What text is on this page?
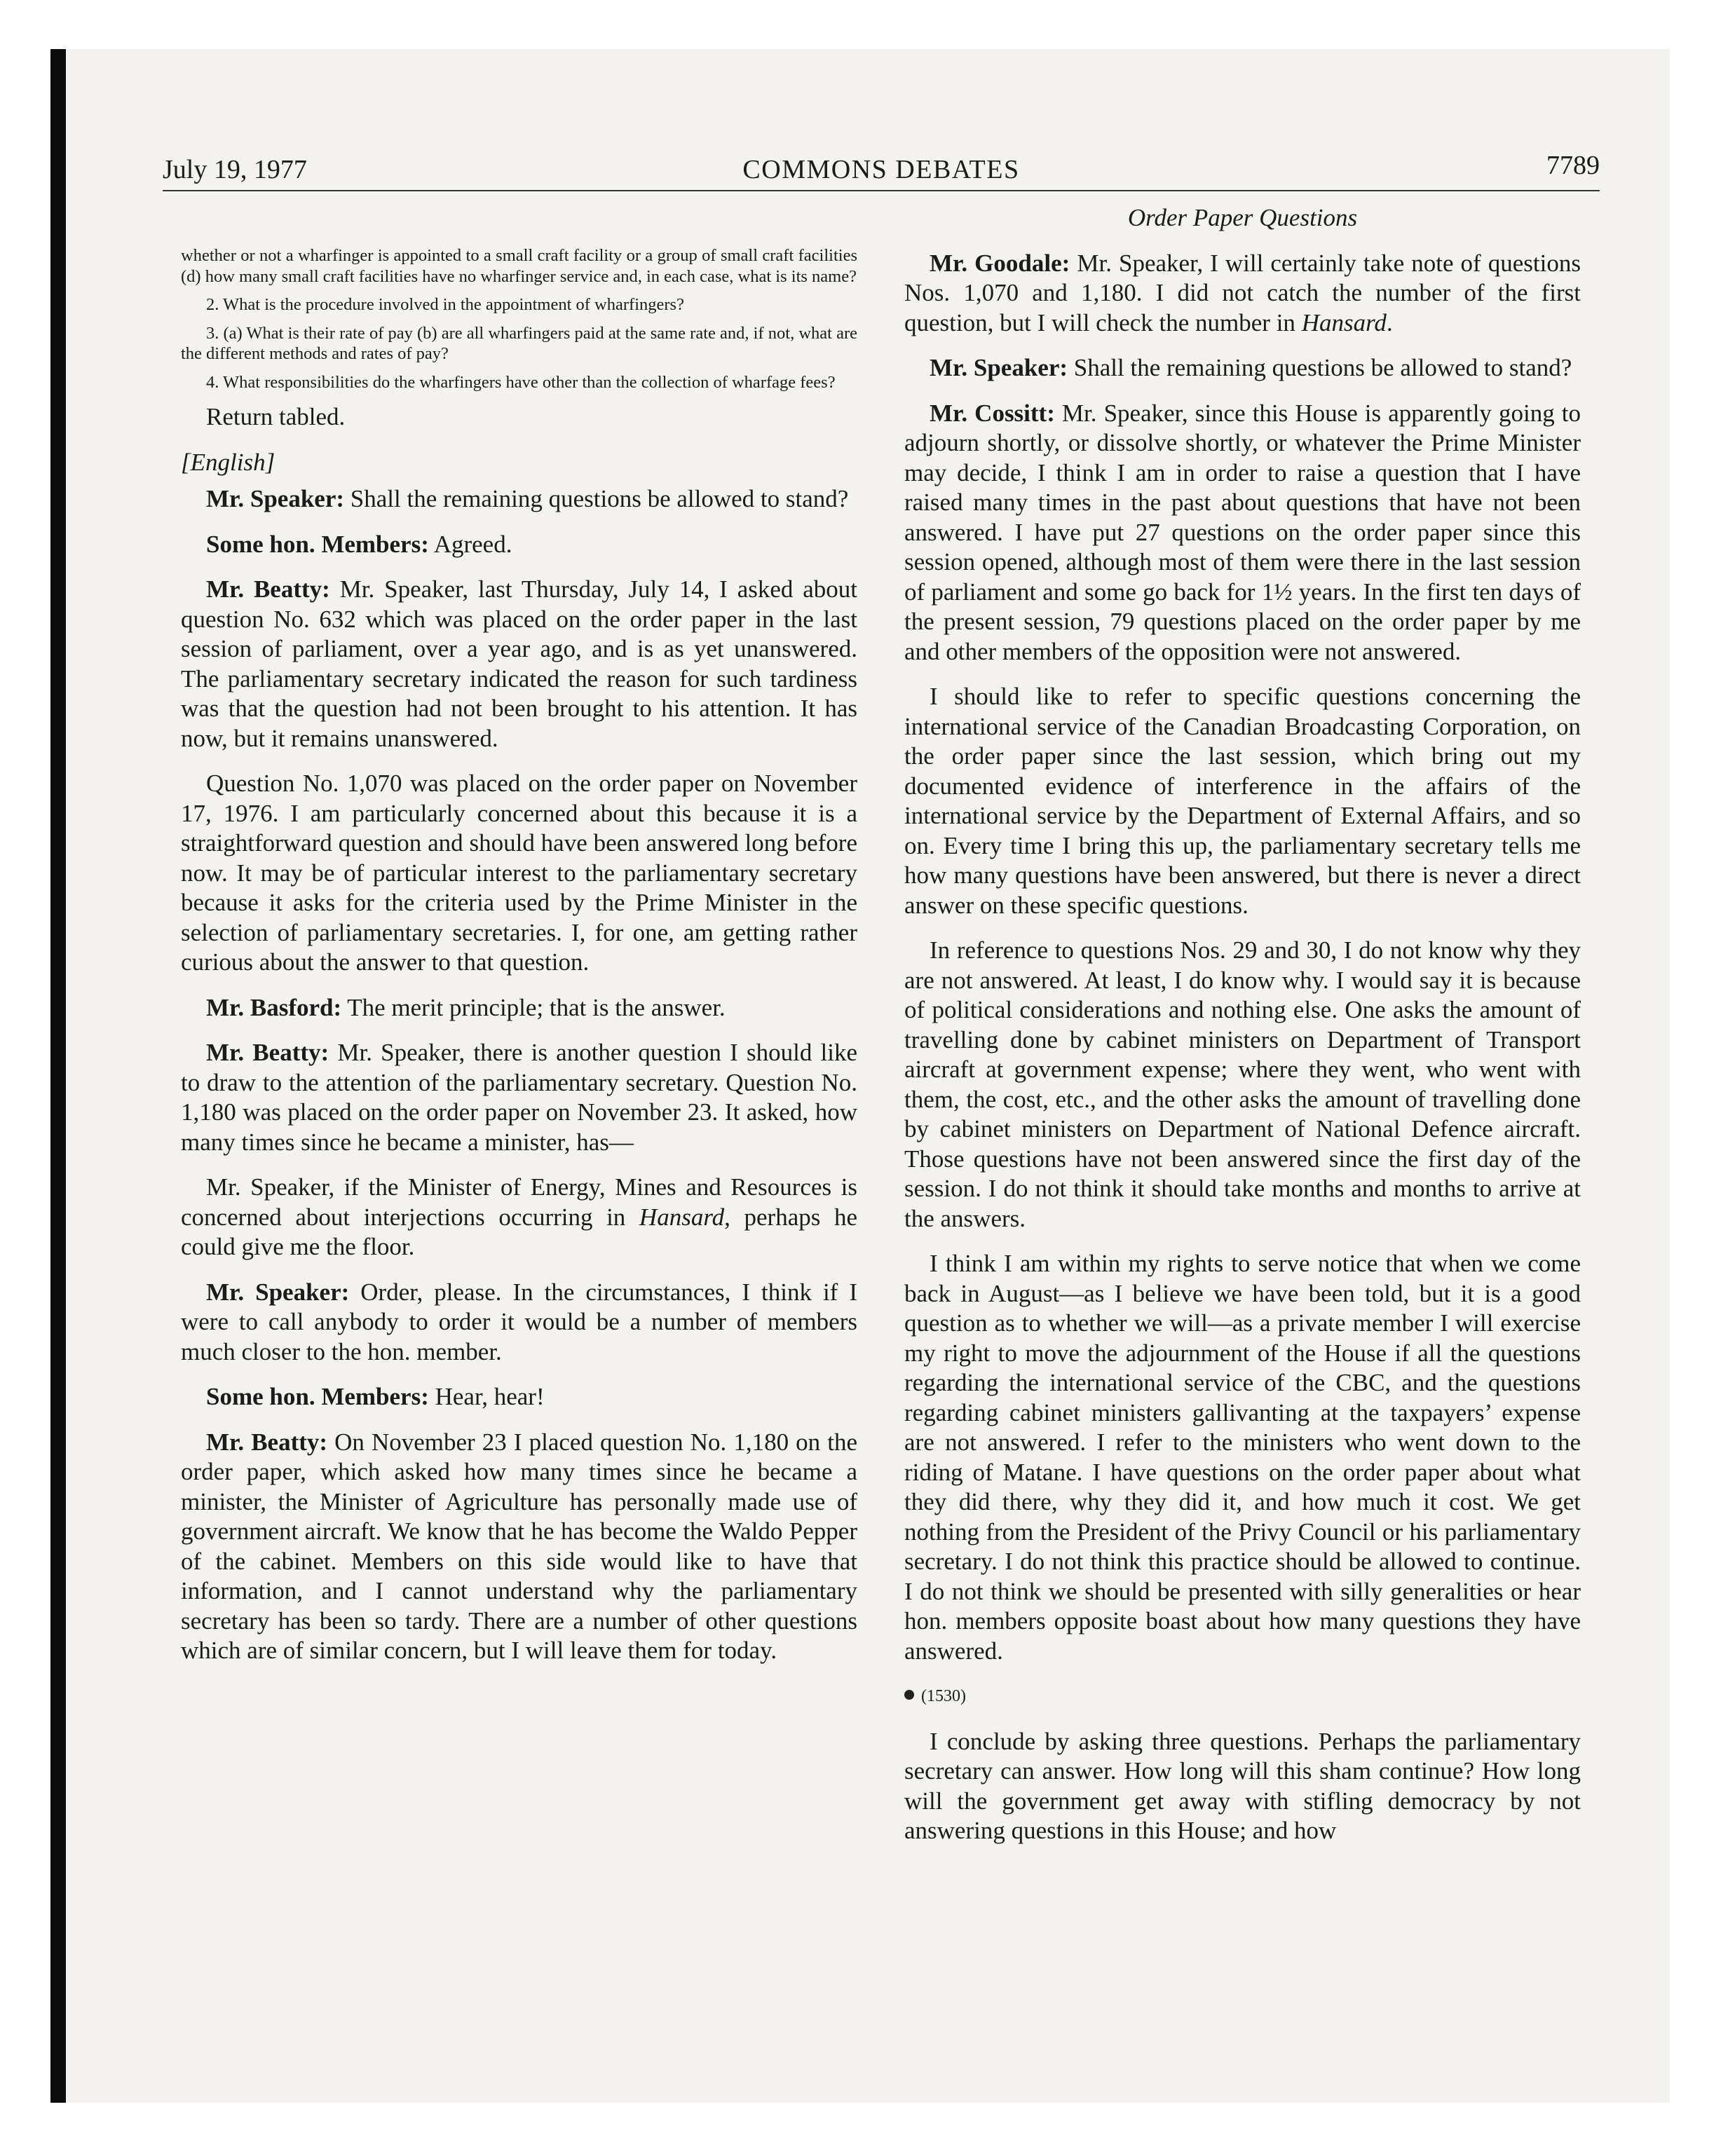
July 19, 1977	COMMONS DEBATES	7789

whether or not a wharfinger is appointed to a small craft facility or a group of small craft facilities (d) how many small craft facilities have no wharfinger service and, in each case, what is its name?

2. What is the procedure involved in the appointment of wharfingers?

3. (a) What is their rate of pay (b) are all wharfingers paid at the same rate and, if not, what are the different methods and rates of pay?

4. What responsibilities do the wharfingers have other than the collection of wharfage fees?

Return tabled.

[English]

Mr. Speaker: Shall the remaining questions be allowed to stand?

Some hon. Members: Agreed.

Mr. Beatty: Mr. Speaker, last Thursday, July 14, I asked about question No. 632 which was placed on the order paper in the last session of parliament, over a year ago, and is as yet unanswered. The parliamentary secretary indicated the reason for such tardiness was that the question had not been brought to his attention. It has now, but it remains unanswered.

Question No. 1,070 was placed on the order paper on November 17, 1976. I am particularly concerned about this because it is a straightforward question and should have been answered long before now. It may be of particular interest to the parliamentary secretary because it asks for the criteria used by the Prime Minister in the selection of parliamentary secretaries. I, for one, am getting rather curious about the answer to that question.

Mr. Basford: The merit principle; that is the answer.

Mr. Beatty: Mr. Speaker, there is another question I should like to draw to the attention of the parliamentary secretary. Question No. 1,180 was placed on the order paper on November 23. It asked, how many times since he became a minister, has—

Mr. Speaker, if the Minister of Energy, Mines and Resources is concerned about interjections occurring in Hansard, perhaps he could give me the floor.

Mr. Speaker: Order, please. In the circumstances, I think if I were to call anybody to order it would be a number of members much closer to the hon. member.

Some hon. Members: Hear, hear!

Mr. Beatty: On November 23 I placed question No. 1,180 on the order paper, which asked how many times since he became a minister, the Minister of Agriculture has personally made use of government aircraft. We know that he has become the Waldo Pepper of the cabinet. Members on this side would like to have that information, and I cannot understand why the parliamentary secretary has been so tardy. There are a number of other questions which are of similar concern, but I will leave them for today.

Order Paper Questions

Mr. Goodale: Mr. Speaker, I will certainly take note of questions Nos. 1,070 and 1,180. I did not catch the number of the first question, but I will check the number in Hansard.

Mr. Speaker: Shall the remaining questions be allowed to stand?

Mr. Cossitt: Mr. Speaker, since this House is apparently going to adjourn shortly, or dissolve shortly, or whatever the Prime Minister may decide, I think I am in order to raise a question that I have raised many times in the past about questions that have not been answered. I have put 27 questions on the order paper since this session opened, although most of them were there in the last session of parliament and some go back for 1½ years. In the first ten days of the present session, 79 questions placed on the order paper by me and other members of the opposition were not answered.

I should like to refer to specific questions concerning the international service of the Canadian Broadcasting Corporation, on the order paper since the last session, which bring out my documented evidence of interference in the affairs of the international service by the Department of External Affairs, and so on. Every time I bring this up, the parliamentary secretary tells me how many questions have been answered, but there is never a direct answer on these specific questions.

In reference to questions Nos. 29 and 30, I do not know why they are not answered. At least, I do know why. I would say it is because of political considerations and nothing else. One asks the amount of travelling done by cabinet ministers on Department of Transport aircraft at government expense; where they went, who went with them, the cost, etc., and the other asks the amount of travelling done by cabinet ministers on Department of National Defence aircraft. Those questions have not been answered since the first day of the session. I do not think it should take months and months to arrive at the answers.

I think I am within my rights to serve notice that when we come back in August—as I believe we have been told, but it is a good question as to whether we will—as a private member I will exercise my right to move the adjournment of the House if all the questions regarding the international service of the CBC, and the questions regarding cabinet ministers gallivanting at the taxpayers’ expense are not answered. I refer to the ministers who went down to the riding of Matane. I have questions on the order paper about what they did there, why they did it, and how much it cost. We get nothing from the President of the Privy Council or his parliamentary secretary. I do not think this practice should be allowed to continue. I do not think we should be presented with silly generalities or hear hon. members opposite boast about how many questions they have answered.

(1530)

I conclude by asking three questions. Perhaps the parliamentary secretary can answer. How long will this sham continue? How long will the government get away with stifling democracy by not answering questions in this House; and how
